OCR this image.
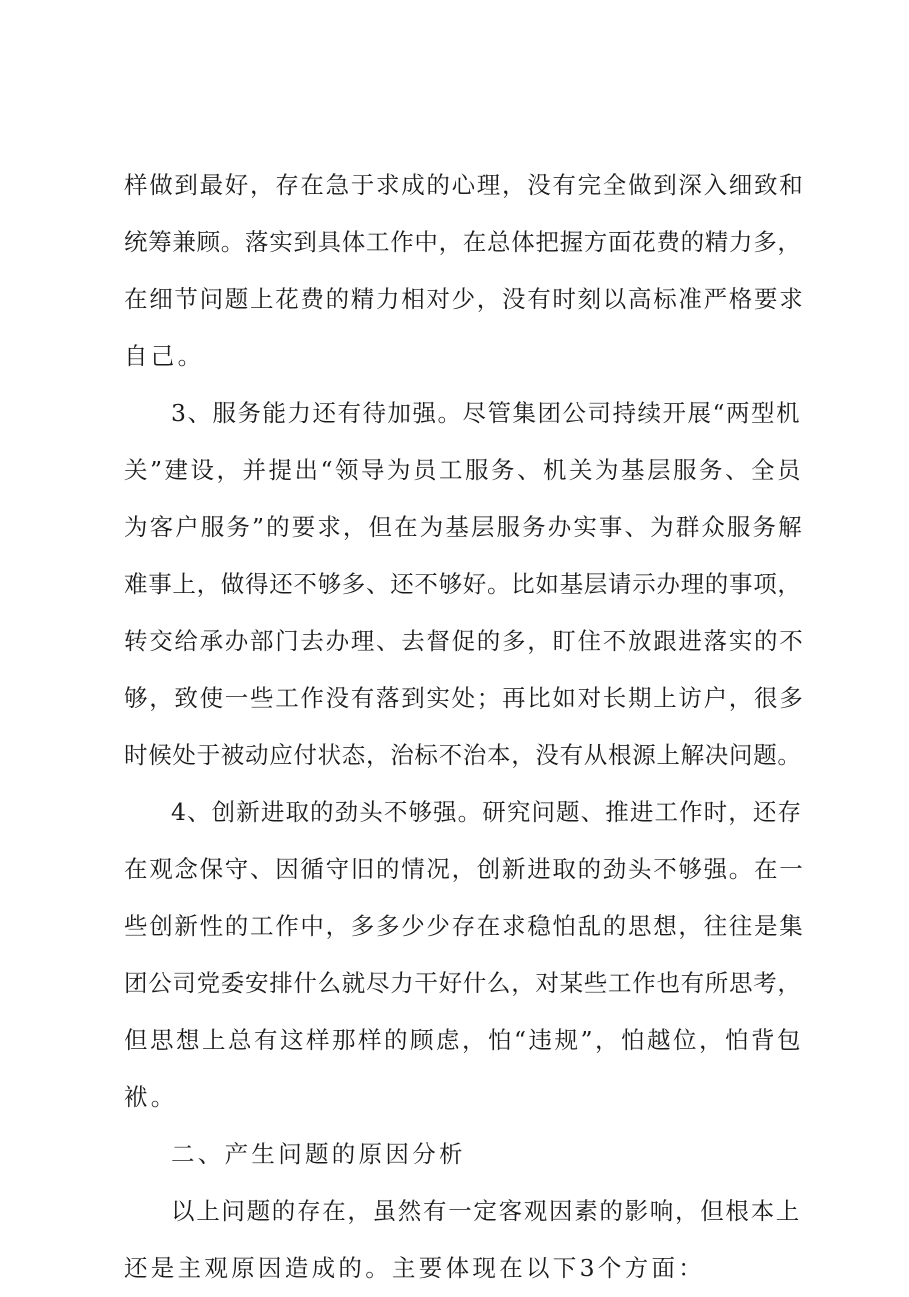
样做到最好，存在急于求成的心理，没有完全做到深入细致和
统筹兼顾。落实到具体工作中，在总体把握方面花费的精力多，
在细节问题上花费的精力相对少，没有时刻以高标准严格要求
自己。
3、服务能力还有待加强。尽管集团公司持续开展“两型机
关”建设，并提出“领导为员工服务、机关为基层服务、全员
为客户服务”的要求，但在为基层服务办实事、为群众服务解
难事上，做得还不够多、还不够好。比如基层请示办理的事项，
转交给承办部门去办理、去督促的多，盯住不放跟进落实的不
够，致使一些工作没有落到实处；再比如对长期上访户，很多
时候处于被动应付状态，治标不治本，没有从根源上解决问题。
4、创新进取的劲头不够强。研究问题、推进工作时，还存
在观念保守、因循守旧的情况，创新进取的劲头不够强。在一
些创新性的工作中，多多少少存在求稳怕乱的思想，往往是集
团公司党委安排什么就尽力干好什么，对某些工作也有所思考，
但思想上总有这样那样的顾虑，怕“违规”，怕越位，怕背包
袱。
二、产生问题的原因分析
以上问题的存在，虽然有一定客观因素的影响，但根本上
还是主观原因造成的。主要体现在以下3个方面：
